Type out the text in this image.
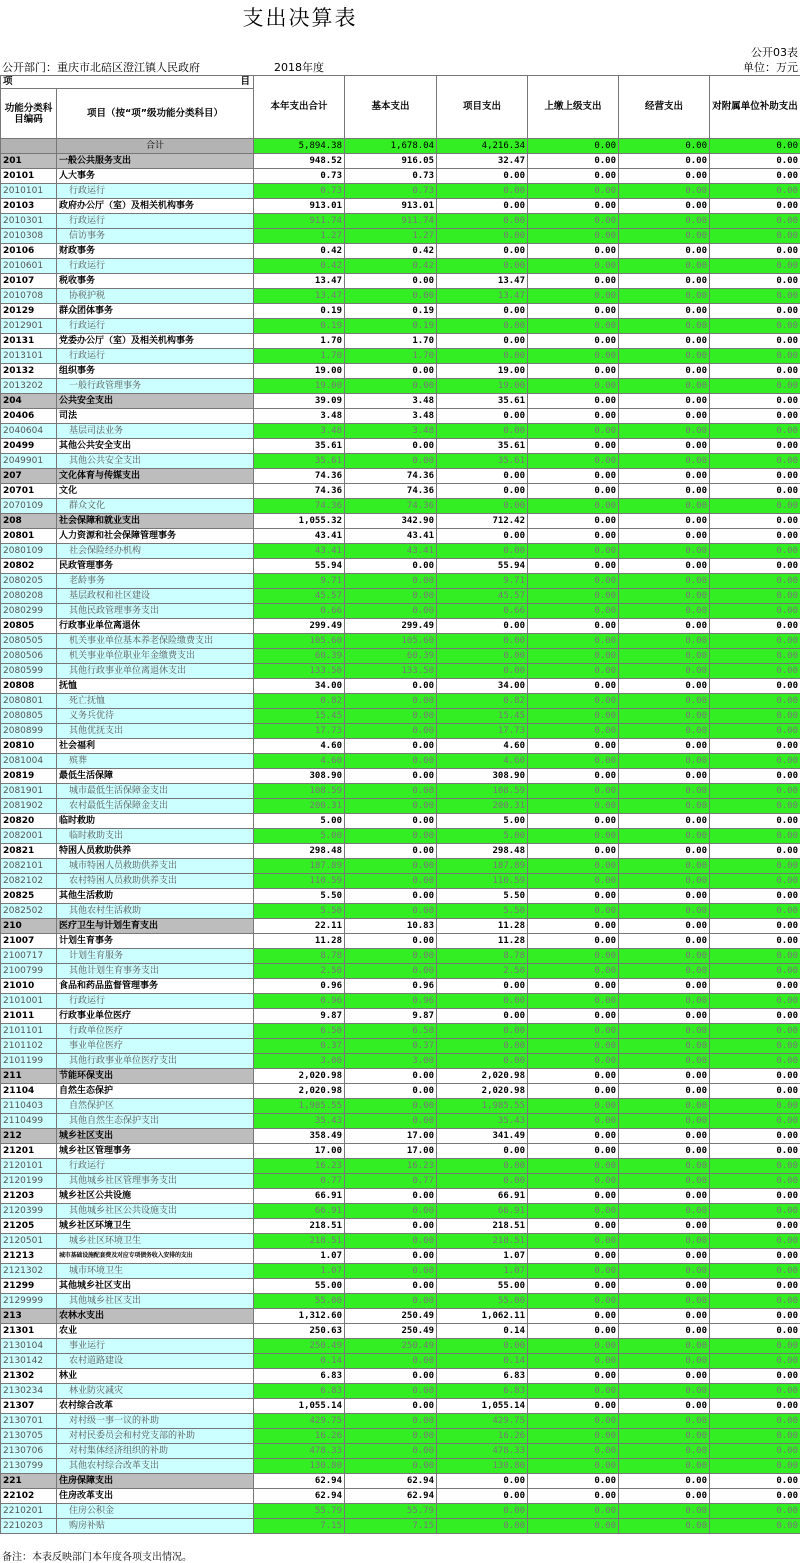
支出决算表
公开部门：重庆市北碚区澄江镇人民政府	2018年度
公开03表
单位：万元
项 目		本年支出合计	基本支出	项目支出	上缴上级支出	经营支出	对附属单位补助支出
功能分类科目编码	项目（按“项”级功能分类科目）						
	合计	5,894.38	1,678.04	4,216.34	0.00	0.00	0.00
201	一般公共服务支出	948.52	916.05	32.47	0.00	0.00	0.00
20101	人大事务	0.73	0.73	0.00	0.00	0.00	0.00
2010101	行政运行	0.73	0.73	0.00	0.00	0.00	0.00
20103	政府办公厅（室）及相关机构事务	913.01	913.01	0.00	0.00	0.00	0.00
2010301	行政运行	911.74	911.74	0.00	0.00	0.00	0.00
2010308	信访事务	1.27	1.27	0.00	0.00	0.00	0.00
20106	财政事务	0.42	0.42	0.00	0.00	0.00	0.00
2010601	行政运行	0.42	0.42	0.00	0.00	0.00	0.00
20107	税收事务	13.47	0.00	13.47	0.00	0.00	0.00
2010708	协税护税	13.47	0.00	13.47	0.00	0.00	0.00
20129	群众团体事务	0.19	0.19	0.00	0.00	0.00	0.00
2012901	行政运行	0.19	0.19	0.00	0.00	0.00	0.00
20131	党委办公厅（室）及相关机构事务	1.70	1.70	0.00	0.00	0.00	0.00
2013101	行政运行	1.70	1.70	0.00	0.00	0.00	0.00
20132	组织事务	19.00	0.00	19.00	0.00	0.00	0.00
2013202	一般行政管理事务	19.00	0.00	19.00	0.00	0.00	0.00
204	公共安全支出	39.09	3.48	35.61	0.00	0.00	0.00
20406	司法	3.48	3.48	0.00	0.00	0.00	0.00
2040604	基层司法业务	3.48	3.48	0.00	0.00	0.00	0.00
20499	其他公共安全支出	35.61	0.00	35.61	0.00	0.00	0.00
2049901	其他公共安全支出	35.61	0.00	35.61	0.00	0.00	0.00
207	文化体育与传媒支出	74.36	74.36	0.00	0.00	0.00	0.00
20701	文化	74.36	74.36	0.00	0.00	0.00	0.00
2070109	群众文化	74.36	74.36	0.00	0.00	0.00	0.00
208	社会保障和就业支出	1,055.32	342.90	712.42	0.00	0.00	0.00
20801	人力资源和社会保障管理事务	43.41	43.41	0.00	0.00	0.00	0.00
2080109	社会保险经办机构	43.41	43.41	0.00	0.00	0.00	0.00
20802	民政管理事务	55.94	0.00	55.94	0.00	0.00	0.00
2080205	老龄事务	9.71	0.00	9.71	0.00	0.00	0.00
2080208	基层政权和社区建设	45.57	0.00	45.57	0.00	0.00	0.00
2080299	其他民政管理事务支出	0.66	0.00	0.66	0.00	0.00	0.00
20805	行政事业单位离退休	299.49	299.49	0.00	0.00	0.00	0.00
2080505	机关事业单位基本养老保险缴费支出	105.60	105.60	0.00	0.00	0.00	0.00
2080506	机关事业单位职业年金缴费支出	60.39	60.39	0.00	0.00	0.00	0.00
2080599	其他行政事业单位离退休支出	133.50	133.50	0.00	0.00	0.00	0.00
20808	抚恤	34.00	0.00	34.00	0.00	0.00	0.00
2080801	死亡抚恤	0.82	0.00	0.82	0.00	0.00	0.00
2080805	义务兵优待	15.45	0.00	15.45	0.00	0.00	0.00
2080899	其他优抚支出	17.73	0.00	17.73	0.00	0.00	0.00
20810	社会福利	4.60	0.00	4.60	0.00	0.00	0.00
2081004	殡葬	4.60	0.00	4.60	0.00	0.00	0.00
20819	最低生活保障	308.90	0.00	308.90	0.00	0.00	0.00
2081901	城市最低生活保障金支出	108.59	0.00	108.59	0.00	0.00	0.00
2081902	农村最低生活保障金支出	200.31	0.00	200.31	0.00	0.00	0.00
20820	临时救助	5.00	0.00	5.00	0.00	0.00	0.00
2082001	临时救助支出	5.00	0.00	5.00	0.00	0.00	0.00
20821	特困人员救助供养	298.48	0.00	298.48	0.00	0.00	0.00
2082101	城市特困人员救助供养支出	187.89	0.00	187.89	0.00	0.00	0.00
2082102	农村特困人员救助供养支出	110.59	0.00	110.59	0.00	0.00	0.00
20825	其他生活救助	5.50	0.00	5.50	0.00	0.00	0.00
2082502	其他农村生活救助	5.50	0.00	5.50	0.00	0.00	0.00
210	医疗卫生与计划生育支出	22.11	10.83	11.28	0.00	0.00	0.00
21007	计划生育事务	11.28	0.00	11.28	0.00	0.00	0.00
2100717	计划生育服务	8.78	0.00	8.78	0.00	0.00	0.00
2100799	其他计划生育事务支出	2.50	0.00	2.50	0.00	0.00	0.00
21010	食品和药品监督管理事务	0.96	0.96	0.00	0.00	0.00	0.00
2101001	行政运行	0.96	0.96	0.00	0.00	0.00	0.00
21011	行政事业单位医疗	9.87	9.87	0.00	0.00	0.00	0.00
2101101	行政单位医疗	6.50	6.50	0.00	0.00	0.00	0.00
2101102	事业单位医疗	0.37	0.37	0.00	0.00	0.00	0.00
2101199	其他行政事业单位医疗支出	3.00	3.00	0.00	0.00	0.00	0.00
211	节能环保支出	2,020.98	0.00	2,020.98	0.00	0.00	0.00
21104	自然生态保护	2,020.98	0.00	2,020.98	0.00	0.00	0.00
2110403	自然保护区	1,985.55	0.00	1,985.55	0.00	0.00	0.00
2110499	其他自然生态保护支出	35.43	0.00	35.43	0.00	0.00	0.00
212	城乡社区支出	358.49	17.00	341.49	0.00	0.00	0.00
21201	城乡社区管理事务	17.00	17.00	0.00	0.00	0.00	0.00
2120101	行政运行	16.23	16.23	0.00	0.00	0.00	0.00
2120199	其他城乡社区管理事务支出	0.77	0.77	0.00	0.00	0.00	0.00
21203	城乡社区公共设施	66.91	0.00	66.91	0.00	0.00	0.00
2120399	其他城乡社区公共设施支出	66.91	0.00	66.91	0.00	0.00	0.00
21205	城乡社区环境卫生	218.51	0.00	218.51	0.00	0.00	0.00
2120501	城乡社区环境卫生	218.51	0.00	218.51	0.00	0.00	0.00
21213	城市基础设施配套费及对应专项债务收入安排的支出	1.07	0.00	1.07	0.00	0.00	0.00
2121302	城市环境卫生	1.07	0.00	1.07	0.00	0.00	0.00
21299	其他城乡社区支出	55.00	0.00	55.00	0.00	0.00	0.00
2129999	其他城乡社区支出	55.00	0.00	55.00	0.00	0.00	0.00
213	农林水支出	1,312.60	250.49	1,062.11	0.00	0.00	0.00
21301	农业	250.63	250.49	0.14	0.00	0.00	0.00
2130104	事业运行	250.49	250.49	0.00	0.00	0.00	0.00
2130142	农村道路建设	0.14	0.00	0.14	0.00	0.00	0.00
21302	林业	6.83	0.00	6.83	0.00	0.00	0.00
2130234	林业防灾减灾	6.83	0.00	6.83	0.00	0.00	0.00
21307	农村综合改革	1,055.14	0.00	1,055.14	0.00	0.00	0.00
2130701	对村级一事一议的补助	429.75	0.00	429.75	0.00	0.00	0.00
2130705	对村民委员会和村党支部的补助	16.26	0.00	16.26	0.00	0.00	0.00
2130706	对村集体经济组织的补助	478.33	0.00	478.33	0.00	0.00	0.00
2130799	其他农村综合改革支出	130.80	0.00	130.80	0.00	0.00	0.00
221	住房保障支出	62.94	62.94	0.00	0.00	0.00	0.00
22102	住房改革支出	62.94	62.94	0.00	0.00	0.00	0.00
2210201	住房公积金	55.79	55.79	0.00	0.00	0.00	0.00
2210203	购房补贴	7.15	7.15	0.00	0.00	0.00	0.00
备注：本表反映部门本年度各项支出情况。
